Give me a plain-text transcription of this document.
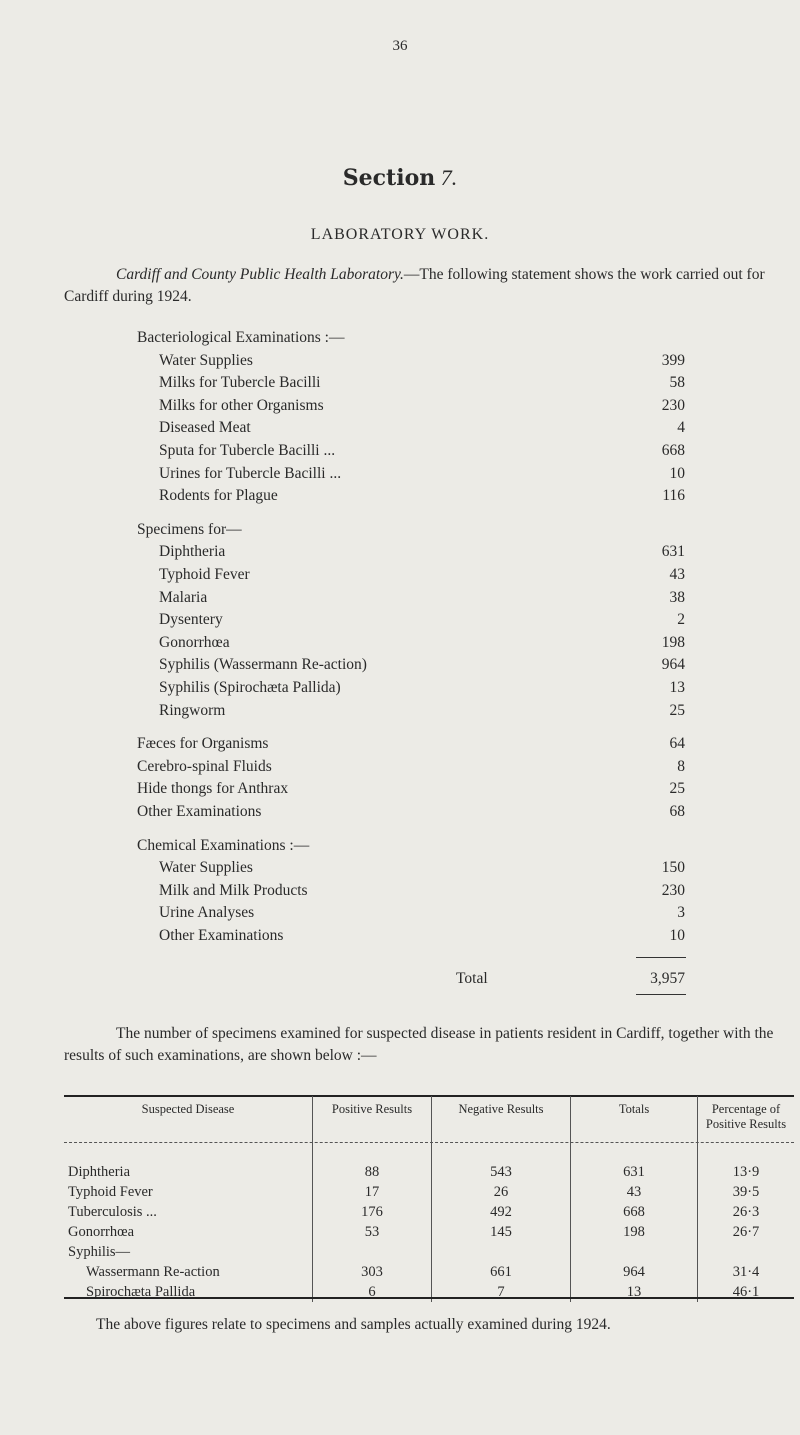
36
Section 7.
LABORATORY WORK.

Cardiff and County Public Health Laboratory.—The following statement shows the work carried out for Cardiff during 1924.

Bacteriological Examinations :—
Water Supplies	399
Milks for Tubercle Bacilli	58
Milks for other Organisms	230
Diseased Meat	4
Sputa for Tubercle Bacilli ...	668
Urines for Tubercle Bacilli ...	10
Rodents for Plague	116
Specimens for—
Diphtheria	631
Typhoid Fever	43
Malaria	38
Dysentery	2
Gonorrhœa	198
Syphilis (Wassermann Re-action)	964
Syphilis (Spirochæta Pallida)	13
Ringworm	25
Fæces for Organisms	64
Cerebro-spinal Fluids	8
Hide thongs for Anthrax	25
Other Examinations	68
Chemical Examinations :—
Water Supplies	150
Milk and Milk Products	230
Urine Analyses	3
Other Examinations	10
Total	3,957

The number of specimens examined for suspected disease in patients resident in Cardiff, together with the results of such examinations, are shown below :—

Suspected Disease	Positive Results	Negative Results	Totals	Percentage of Positive Results
Diphtheria	88	543	631	13·9
Typhoid Fever	17	26	43	39·5
Tuberculosis ...	176	492	668	26·3
Gonorrhœa	53	145	198	26·7
Syphilis—				
Wassermann Re-action	303	661	964	31·4
Spirochæta Pallida	6	7	13	46·1
The above figures relate to specimens and samples actually examined during 1924.
